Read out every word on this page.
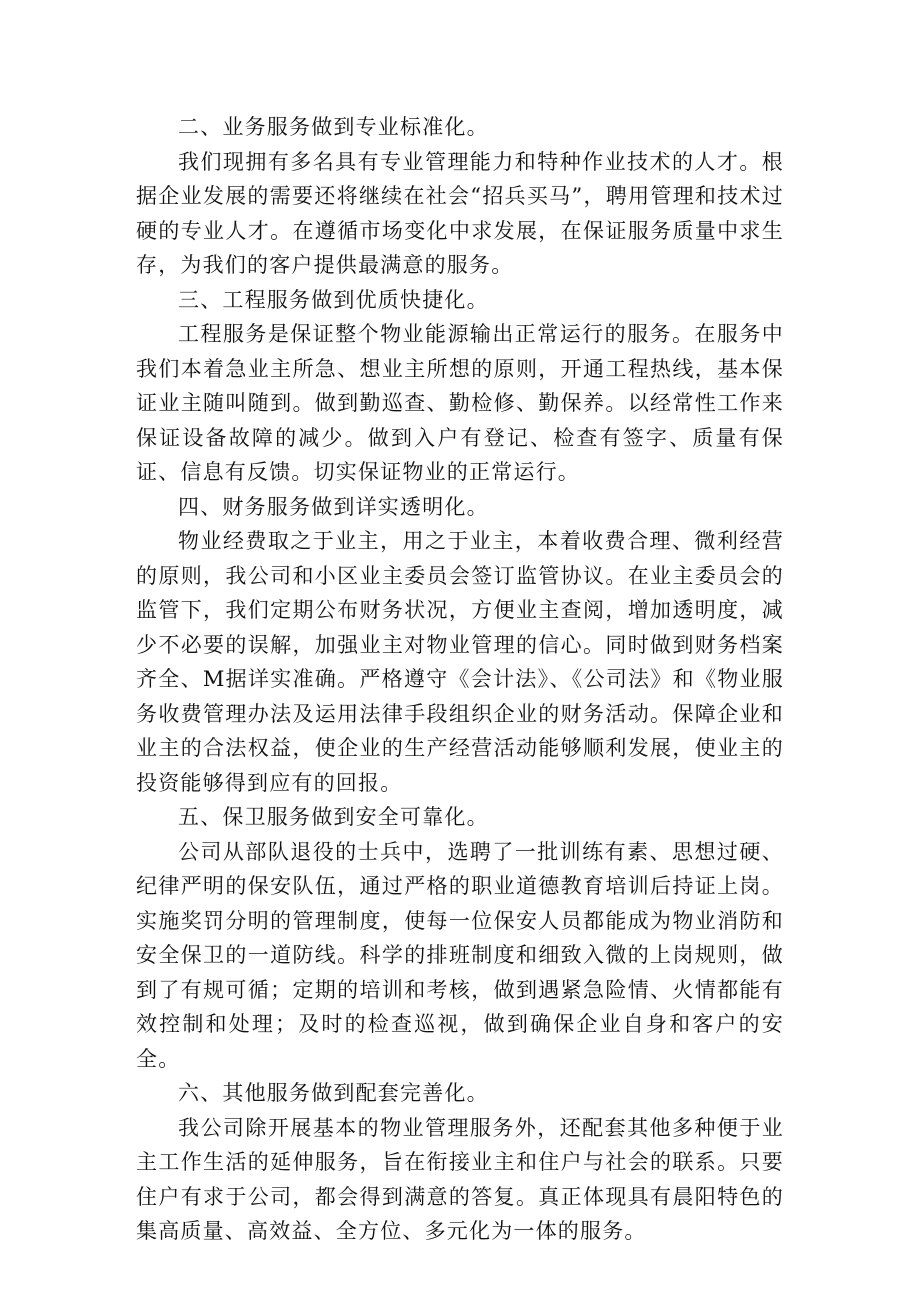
二、业务服务做到专业标准化。

我们现拥有多名具有专业管理能力和特种作业技术的人才。根据企业发展的需要还将继续在社会“招兵买马”，聘用管理和技术过硬的专业人才。在遵循市场变化中求发展，在保证服务质量中求生存，为我们的客户提供最满意的服务。

三、工程服务做到优质快捷化。

工程服务是保证整个物业能源输出正常运行的服务。在服务中我们本着急业主所急、想业主所想的原则，开通工程热线，基本保证业主随叫随到。做到勤巡查、勤检修、勤保养。以经常性工作来保证设备故障的减少。做到入户有登记、检查有签字、质量有保证、信息有反馈。切实保证物业的正常运行。

四、财务服务做到详实透明化。

物业经费取之于业主，用之于业主，本着收费合理、微利经营的原则，我公司和小区业主委员会签订监管协议。在业主委员会的监管下，我们定期公布财务状况，方便业主查阅，增加透明度，减少不必要的误解，加强业主对物业管理的信心。同时做到财务档案齐全、M据详实准确。严格遵守《会计法》、《公司法》和《物业服务收费管理办法及运用法律手段组织企业的财务活动。保障企业和业主的合法权益，使企业的生产经营活动能够顺利发展，使业主的投资能够得到应有的回报。

五、保卫服务做到安全可靠化。

公司从部队退役的士兵中，选聘了一批训练有素、思想过硬、纪律严明的保安队伍，通过严格的职业道德教育培训后持证上岗。实施奖罚分明的管理制度，使每一位保安人员都能成为物业消防和安全保卫的一道防线。科学的排班制度和细致入微的上岗规则，做到了有规可循；定期的培训和考核，做到遇紧急险情、火情都能有效控制和处理；及时的检查巡视，做到确保企业自身和客户的安全。

六、其他服务做到配套完善化。

我公司除开展基本的物业管理服务外，还配套其他多种便于业主工作生活的延伸服务，旨在衔接业主和住户与社会的联系。只要住户有求于公司，都会得到满意的答复。真正体现具有晨阳特色的集高质量、高效益、全方位、多元化为一体的服务。
